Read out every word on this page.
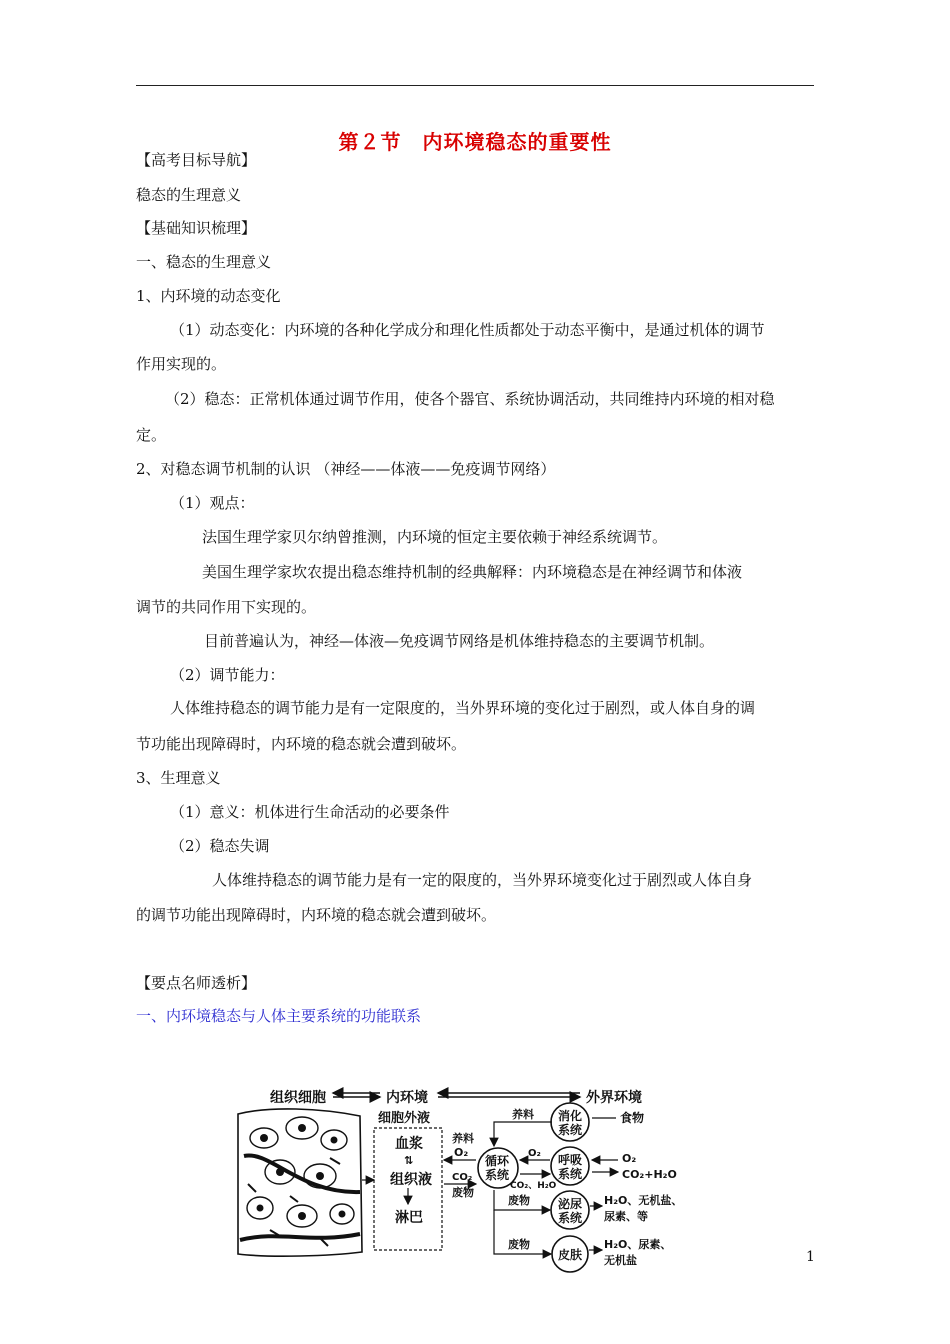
第２节　内环境稳态的重要性
【高考目标导航】
稳态的生理意义
【基础知识梳理】
一、稳态的生理意义
1、内环境的动态变化
（1）动态变化：内环境的各种化学成分和理化性质都处于动态平衡中，是通过机体的调节
作用实现的。
（2）稳态：正常机体通过调节作用，使各个器官、系统协调活动，共同维持内环境的相对稳
定。
2、对稳态调节机制的认识 （神经——体液——免疫调节网络）
（1）观点：
法国生理学家贝尔纳曾推测，内环境的恒定主要依赖于神经系统调节。
美国生理学家坎农提出稳态维持机制的经典解释：内环境稳态是在神经调节和体液
调节的共同作用下实现的。
目前普遍认为，神经—体液—免疫调节网络是机体维持稳态的主要调节机制。
（2）调节能力：
人体维持稳态的调节能力是有一定限度的，当外界环境的变化过于剧烈，或人体自身的调
节功能出现障碍时，内环境的稳态就会遭到破坏。
3、生理意义
（1）意义：机体进行生命活动的必要条件
（2）稳态失调
人体维持稳态的调节能力是有一定的限度的，当外界环境变化过于剧烈或人体自身
的调节功能出现障碍时，内环境的稳态就会遭到破坏。
【要点名师透析】
一、内环境稳态与人体主要系统的功能联系
组织细胞	内环境	外界环境
细胞外液
血浆
⇅
组织液
淋巴
养料
O₂
CO₂
废物
循环
系统
消化
系统
养料	食物
呼吸
系统
O₂
CO₂、H₂O
O₂
CO₂+H₂O
泌尿
系统
废物	H₂O、无机盐、
尿素、等
皮肤
废物	H₂O、尿素、
无机盐	1
